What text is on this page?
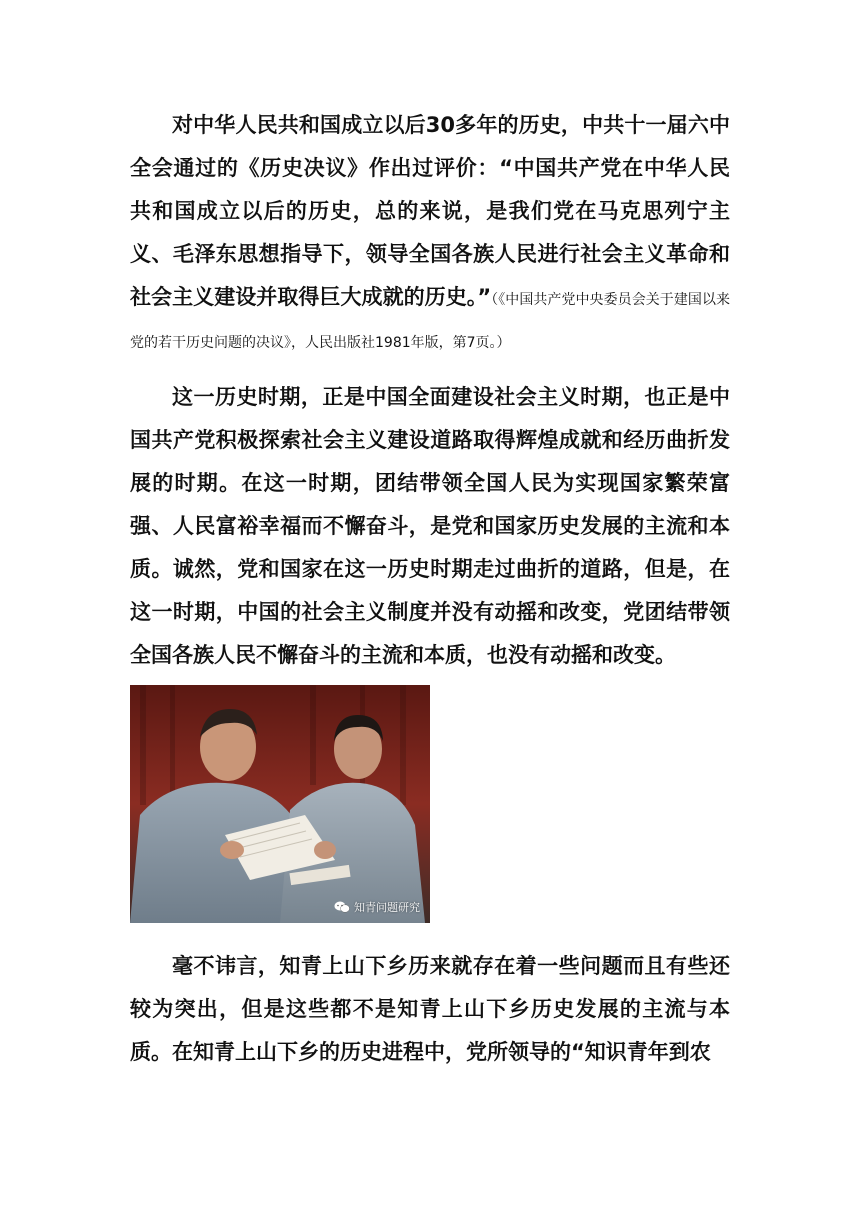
对中华人民共和国成立以后30多年的历史，中共十一届六中全会通过的《历史决议》作出过评价：“中国共产党在中华人民共和国成立以后的历史，总的来说，是我们党在马克思列宁主义、毛泽东思想指导下，领导全国各族人民进行社会主义革命和社会主义建设并取得巨大成就的历史。”（《中国共产党中央委员会关于建国以来党的若干历史问题的决议》，人民出版社1981年版，第7页。）

这一历史时期，正是中国全面建设社会主义时期，也正是中国共产党积极探索社会主义建设道路取得辉煌成就和经历曲折发展的时期。在这一时期，团结带领全国人民为实现国家繁荣富强、人民富裕幸福而不懈奋斗，是党和国家历史发展的主流和本质。诚然，党和国家在这一历史时期走过曲折的道路，但是，在这一时期，中国的社会主义制度并没有动摇和改变，党团结带领全国各族人民不懈奋斗的主流和本质，也没有动摇和改变。

知青问题研究

毫不讳言，知青上山下乡历来就存在着一些问题而且有些还较为突出，但是这些都不是知青上山下乡历史发展的主流与本质。在知青上山下乡的历史进程中，党所领导的“知识青年到农
